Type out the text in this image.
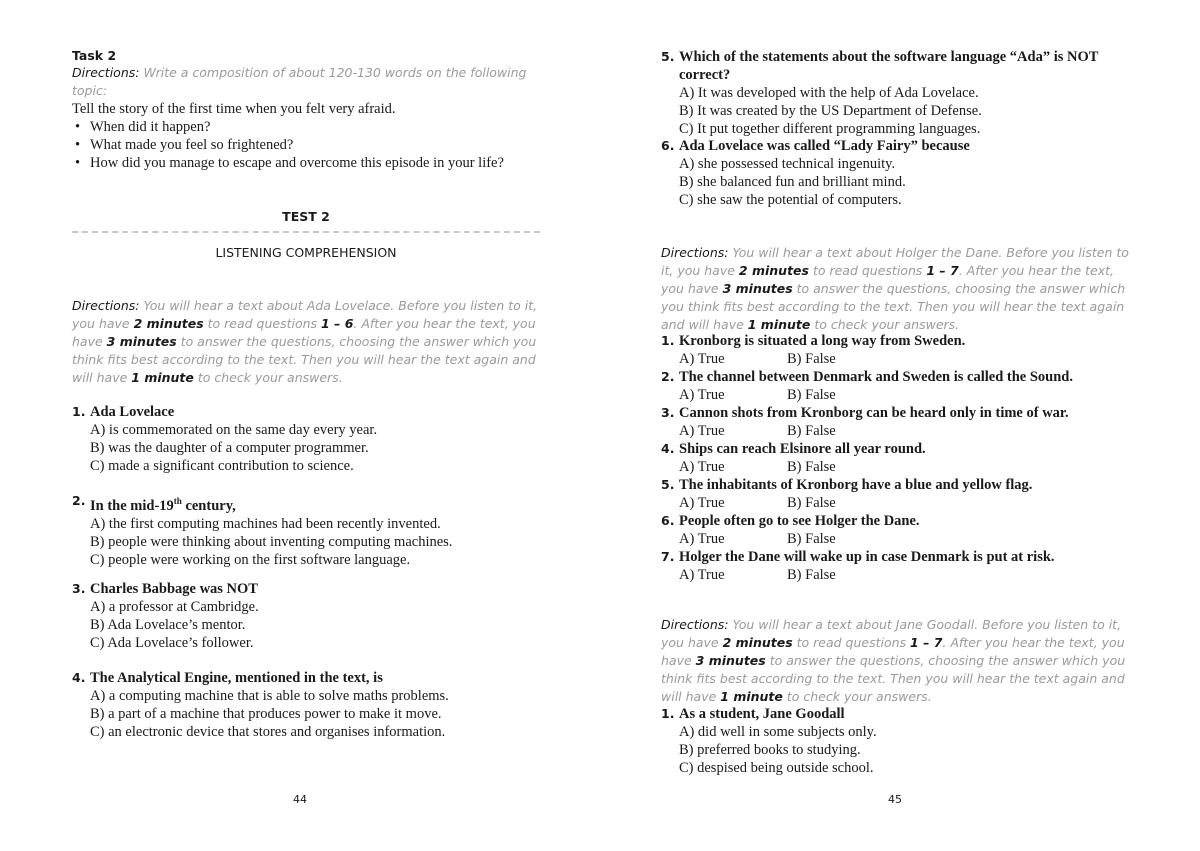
Task 2
Directions: Write a composition of about 120-130 words on the following topic:
Tell the story of the first time when you felt very afraid.
• When did it happen?
• What made you feel so frightened?
• How did you manage to escape and overcome this episode in your life?
TEST 2
LISTENING COMPREHENSION
Directions: You will hear a text about Ada Lovelace. Before you listen to it, you have 2 minutes to read questions 1 – 6. After you hear the text, you have 3 minutes to answer the questions, choosing the answer which you think fits best according to the text. Then you will hear the text again and will have 1 minute to check your answers.
1. Ada Lovelace
A) is commemorated on the same day every year.
B) was the daughter of a computer programmer.
C) made a significant contribution to science.
2. In the mid-19th century,
A) the first computing machines had been recently invented.
B) people were thinking about inventing computing machines.
C) people were working on the first software language.
3. Charles Babbage was NOT
A) a professor at Cambridge.
B) Ada Lovelace’s mentor.
C) Ada Lovelace’s follower.
4. The Analytical Engine, mentioned in the text, is
A) a computing machine that is able to solve maths problems.
B) a part of a machine that produces power to make it move.
C) an electronic device that stores and organises information.
44
5. Which of the statements about the software language “Ada” is NOT correct?
A) It was developed with the help of Ada Lovelace.
B) It was created by the US Department of Defense.
C) It put together different programming languages.
6. Ada Lovelace was called “Lady Fairy” because
A) she possessed technical ingenuity.
B) she balanced fun and brilliant mind.
C) she saw the potential of computers.
Directions: You will hear a text about Holger the Dane. Before you listen to it, you have 2 minutes to read questions 1 – 7. After you hear the text, you have 3 minutes to answer the questions, choosing the answer which you think fits best according to the text. Then you will hear the text again and will have 1 minute to check your answers.
1. Kronborg is situated a long way from Sweden.
A) True	B) False
2. The channel between Denmark and Sweden is called the Sound.
A) True	B) False
3. Cannon shots from Kronborg can be heard only in time of war.
A) True	B) False
4. Ships can reach Elsinore all year round.
A) True	B) False
5. The inhabitants of Kronborg have a blue and yellow flag.
A) True	B) False
6. People often go to see Holger the Dane.
A) True	B) False
7. Holger the Dane will wake up in case Denmark is put at risk.
A) True	B) False
Directions: You will hear a text about Jane Goodall. Before you listen to it, you have 2 minutes to read questions 1 – 7. After you hear the text, you have 3 minutes to answer the questions, choosing the answer which you think fits best according to the text. Then you will hear the text again and will have 1 minute to check your answers.
1. As a student, Jane Goodall
A) did well in some subjects only.
B) preferred books to studying.
C) despised being outside school.
45
